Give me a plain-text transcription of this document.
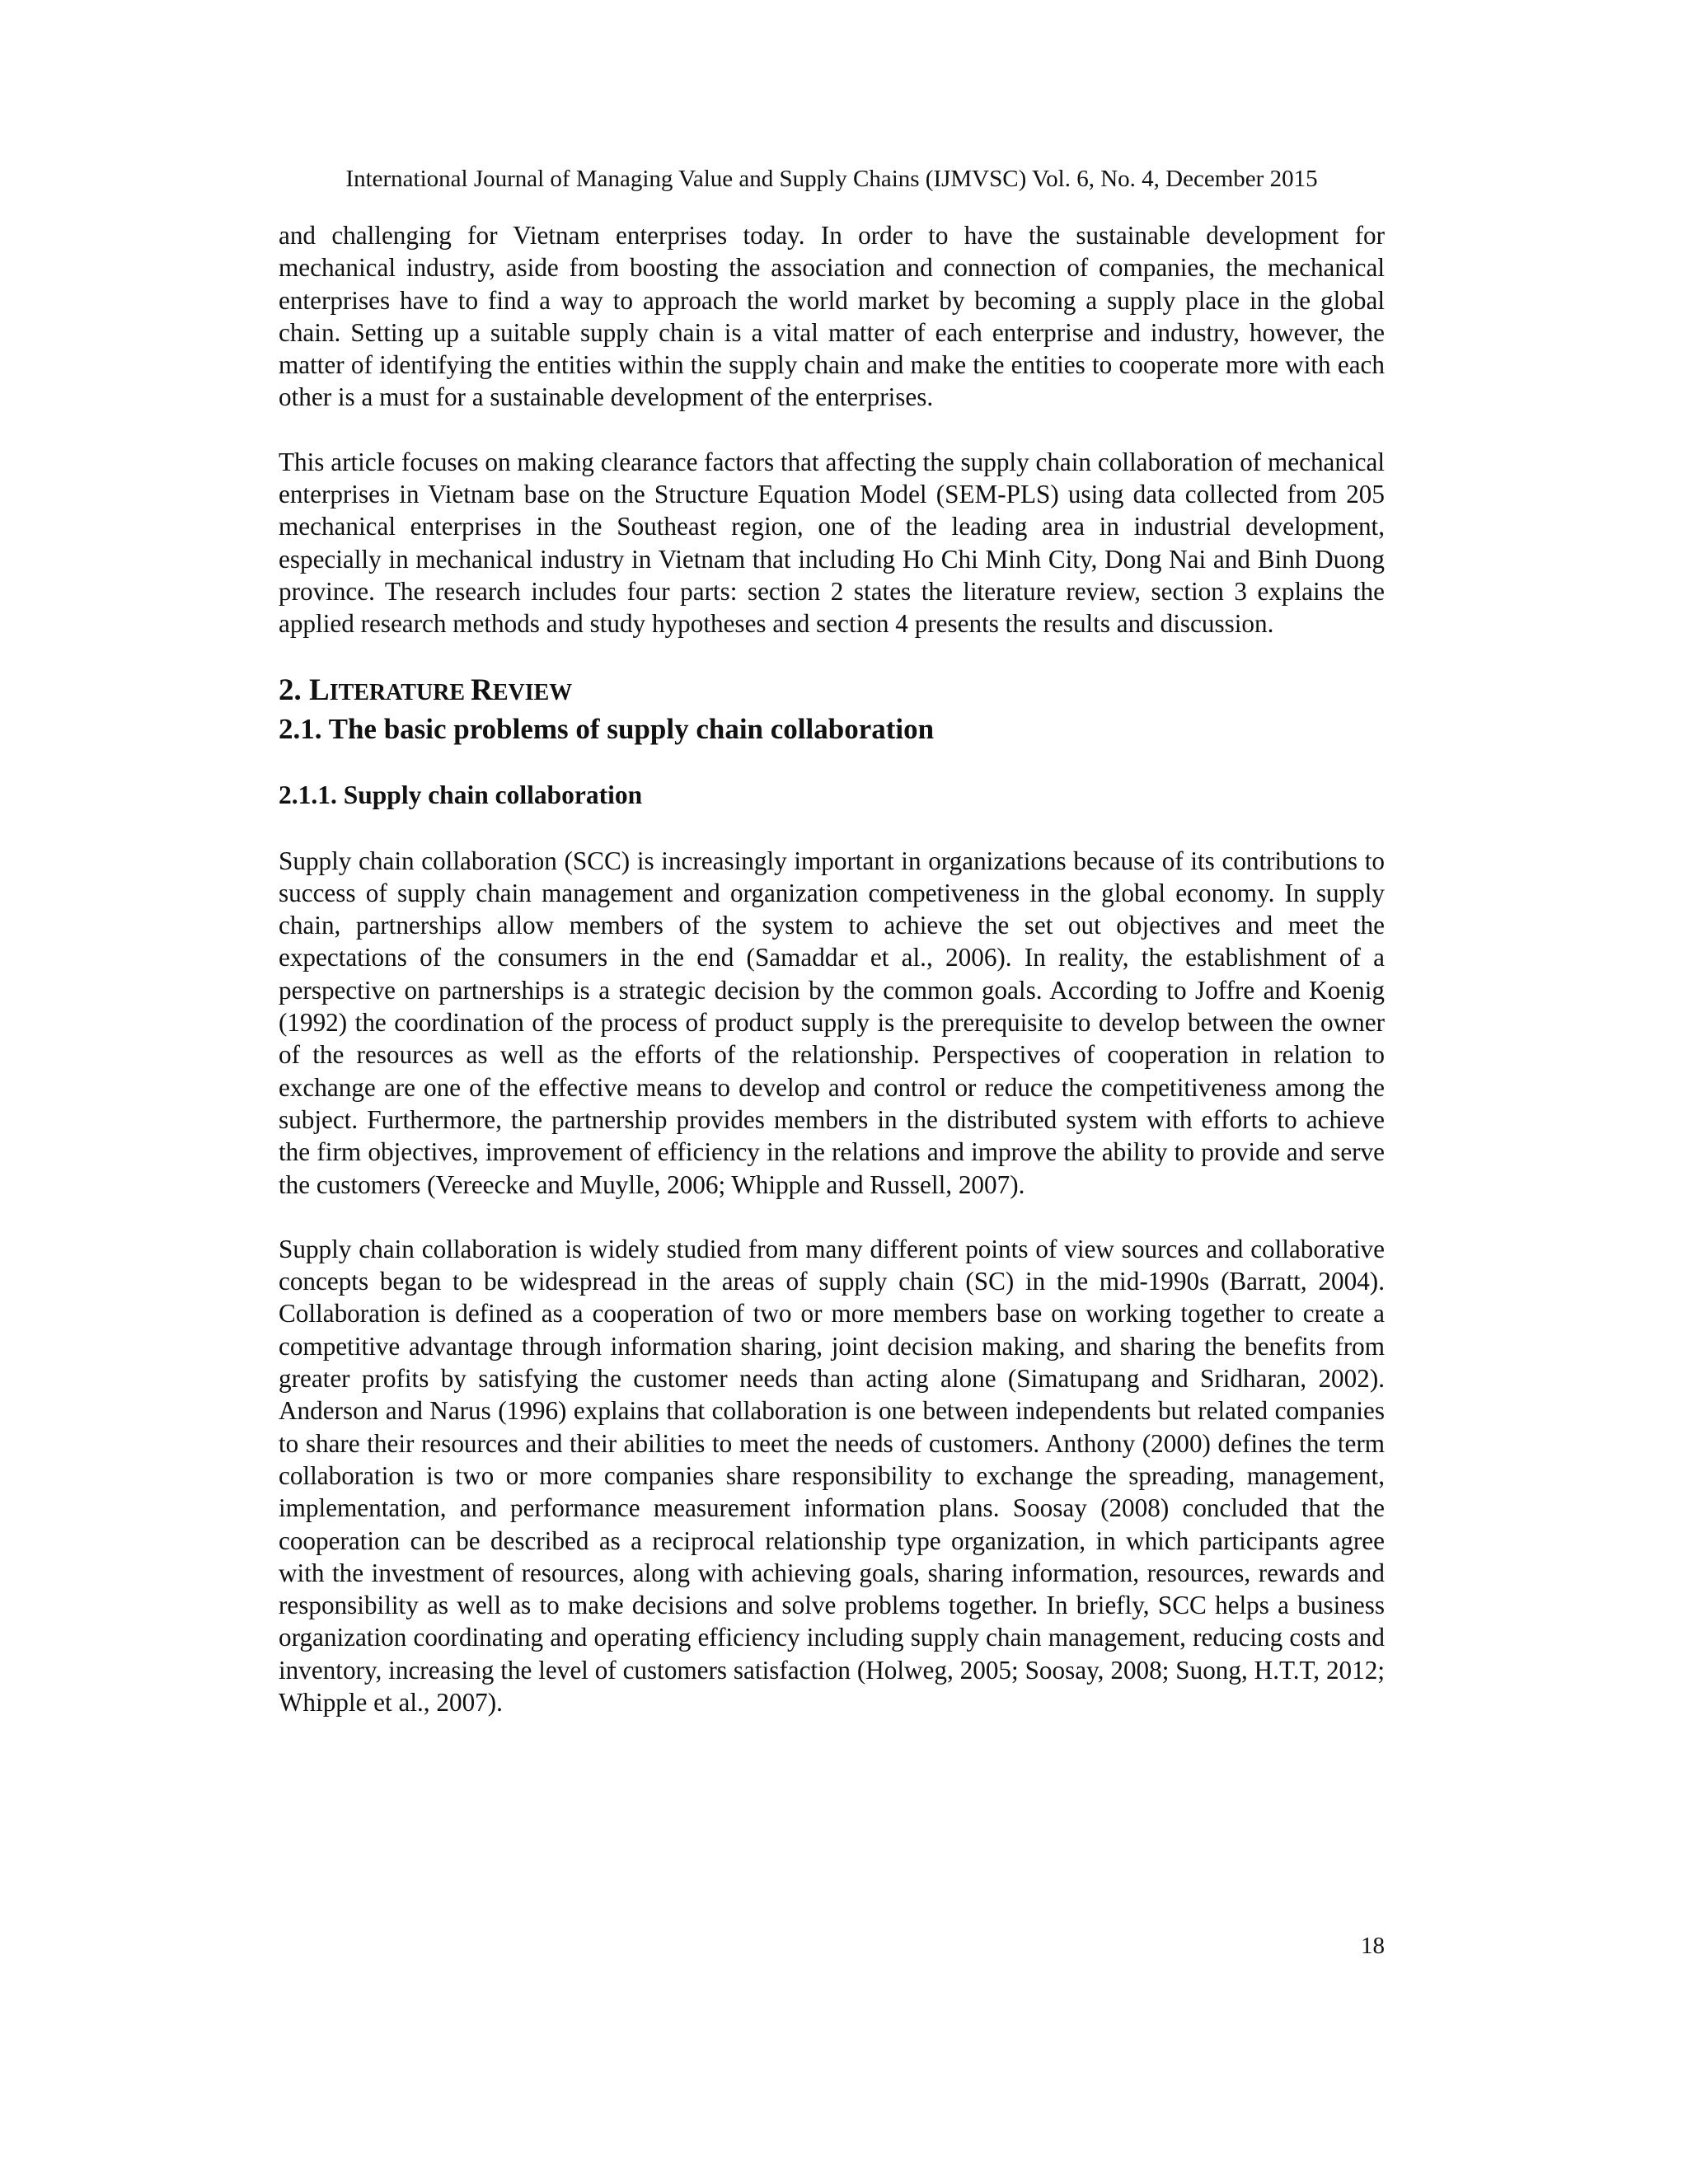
International Journal of Managing Value and Supply Chains (IJMVSC) Vol. 6, No. 4, December 2015

and challenging for Vietnam enterprises today. In order to have the sustainable development for mechanical industry, aside from boosting the association and connection of companies, the mechanical enterprises have to find a way to approach the world market by becoming a supply place in the global chain. Setting up a suitable supply chain is a vital matter of each enterprise and industry, however, the matter of identifying the entities within the supply chain and make the entities to cooperate more with each other is a must for a sustainable development of the enterprises.

This article focuses on making clearance factors that affecting the supply chain collaboration of mechanical enterprises in Vietnam base on the Structure Equation Model (SEM-PLS) using data collected from 205 mechanical enterprises in the Southeast region, one of the leading area in industrial development, especially in mechanical industry in Vietnam that including Ho Chi Minh City, Dong Nai and Binh Duong province. The research includes four parts: section 2 states the literature review, section 3 explains the applied research methods and study hypotheses and section 4 presents the results and discussion.

2. LITERATURE REVIEW
2.1. The basic problems of supply chain collaboration
2.1.1. Supply chain collaboration

Supply chain collaboration (SCC) is increasingly important in organizations because of its contributions to success of supply chain management and organization competiveness in the global economy. In supply chain, partnerships allow members of the system to achieve the set out objectives and meet the expectations of the consumers in the end (Samaddar et al., 2006). In reality, the establishment of a perspective on partnerships is a strategic decision by the common goals. According to Joffre and Koenig (1992) the coordination of the process of product supply is the prerequisite to develop between the owner of the resources as well as the efforts of the relationship. Perspectives of cooperation in relation to exchange are one of the effective means to develop and control or reduce the competitiveness among the subject. Furthermore, the partnership provides members in the distributed system with efforts to achieve the firm objectives, improvement of efficiency in the relations and improve the ability to provide and serve the customers (Vereecke and Muylle, 2006; Whipple and Russell, 2007).

Supply chain collaboration is widely studied from many different points of view sources and collaborative concepts began to be widespread in the areas of supply chain (SC) in the mid-1990s (Barratt, 2004). Collaboration is defined as a cooperation of two or more members base on working together to create a competitive advantage through information sharing, joint decision making, and sharing the benefits from greater profits by satisfying the customer needs than acting alone (Simatupang and Sridharan, 2002). Anderson and Narus (1996) explains that collaboration is one between independents but related companies to share their resources and their abilities to meet the needs of customers. Anthony (2000) defines the term collaboration is two or more companies share responsibility to exchange the spreading, management, implementation, and performance measurement information plans. Soosay (2008) concluded that the cooperation can be described as a reciprocal relationship type organization, in which participants agree with the investment of resources, along with achieving goals, sharing information, resources, rewards and responsibility as well as to make decisions and solve problems together. In briefly, SCC helps a business organization coordinating and operating efficiency including supply chain management, reducing costs and inventory, increasing the level of customers satisfaction (Holweg, 2005; Soosay, 2008; Suong, H.T.T, 2012; Whipple et al., 2007).

18
